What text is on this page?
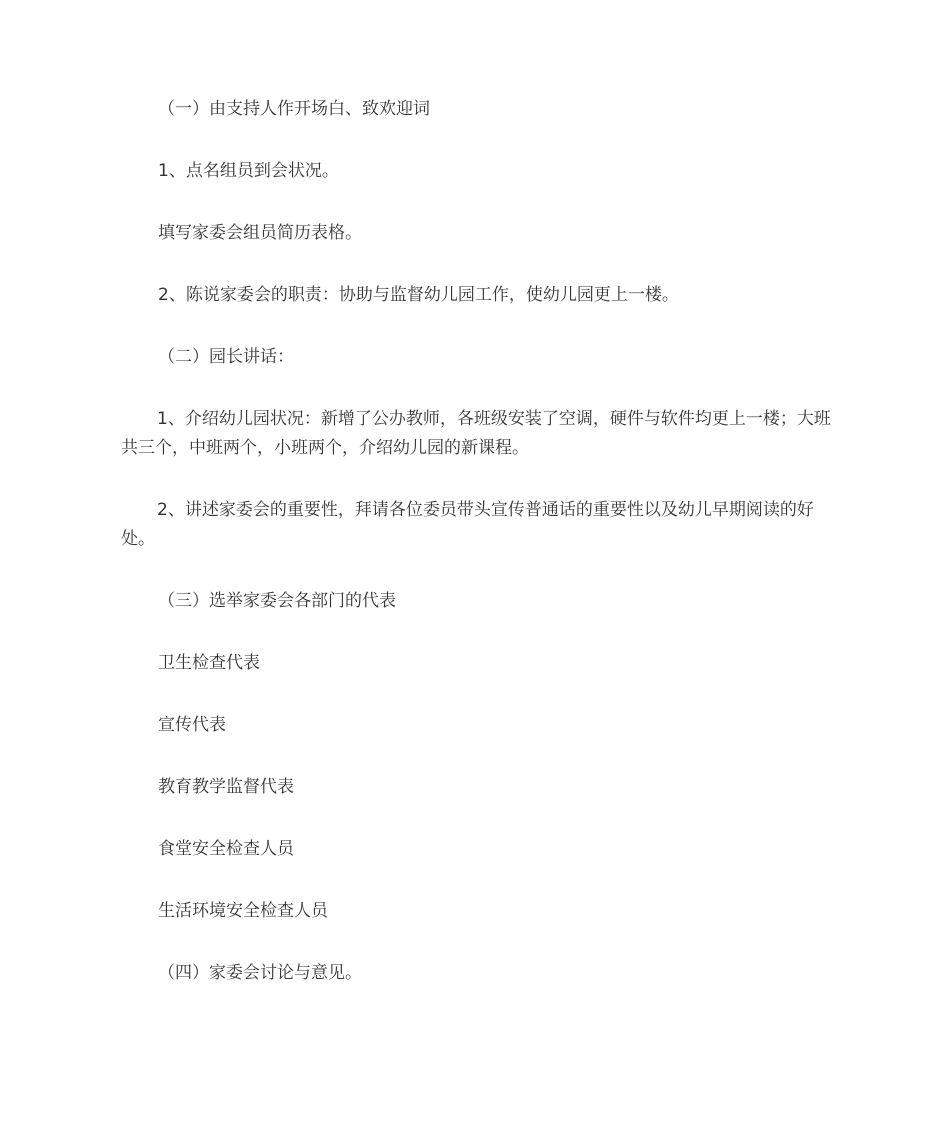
（一）由支持人作开场白、致欢迎词
1、点名组员到会状况。
填写家委会组员简历表格。
2、陈说家委会的职责：协助与监督幼儿园工作，使幼儿园更上一楼。
（二）园长讲话：
1、介绍幼儿园状况：新增了公办教师，各班级安装了空调，硬件与软件均更上一楼；大班共三个，中班两个，小班两个，介绍幼儿园的新课程。
2、讲述家委会的重要性，拜请各位委员带头宣传普通话的重要性以及幼儿早期阅读的好处。
（三）选举家委会各部门的代表
卫生检查代表
宣传代表
教育教学监督代表
食堂安全检查人员
生活环境安全检查人员
（四）家委会讨论与意见。
